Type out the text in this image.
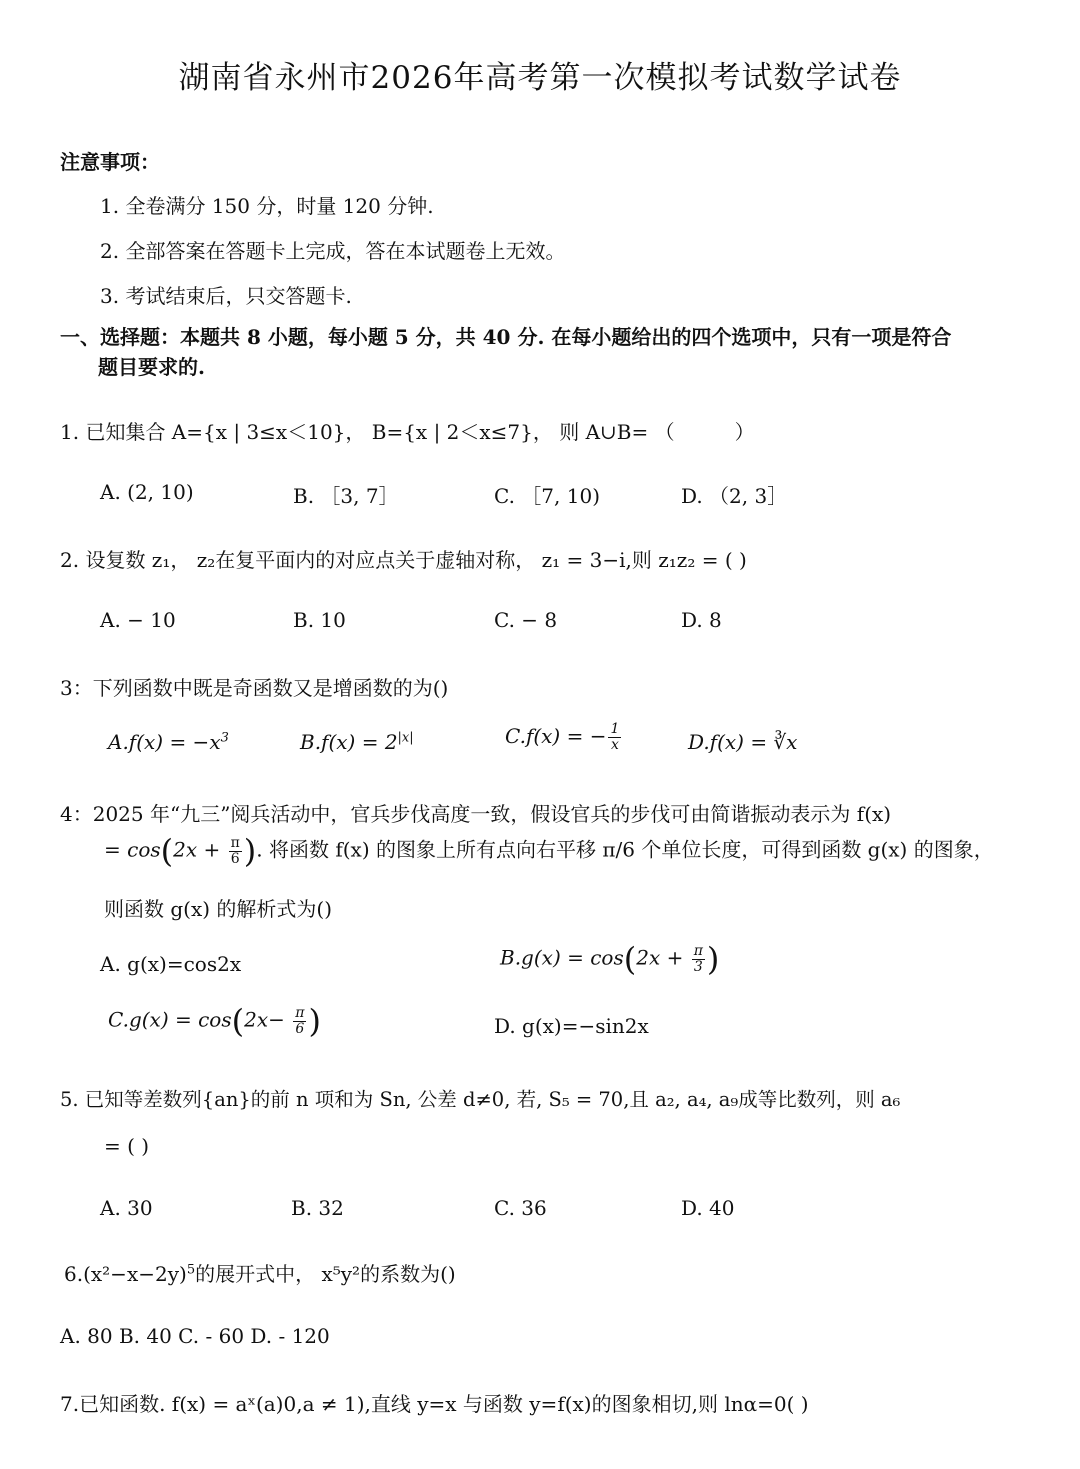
湖南省永州市2026年高考第一次模拟考试数学试卷
注意事项：
1. 全卷满分 150 分，时量 120 分钟.
2. 全部答案在答题卡上完成，答在本试题卷上无效。
3. 考试结束后，只交答题卡.
一、选择题：本题共 8 小题，每小题 5 分，共 40 分. 在每小题给出的四个选项中，只有一项是符合
题目要求的.
1. 已知集合 A={x | 3≤x＜10}， B={x | 2＜x≤7}， 则 A∪B= （　　　）
A. (2, 10)	B. ［3, 7］	C. ［7, 10)	D. （2, 3］
2. 设复数 z₁， z₂在复平面内的对应点关于虚轴对称， z₁ = 3−i,则 z₁z₂ = ( )
A. − 10	B. 10	C. − 8	D. 8
3：下列函数中既是奇函数又是增函数的为()
$A.f(x) = -x^3$	$B.f(x) = 2^{|x|}$	C.f(x) = − $\frac{1}{x}$	D.f(x) = ∛x
4：2025 年“九三”阅兵活动中，官兵步伐高度一致，假设官兵的步伐可由简谐振动表示为 f(x)
= $\cos(2x + \frac{\pi}{6}$ ). 将函数 f(x) 的图象上所有点向右平移 π/6 个单位长度，可得到函数 g(x) 的图象，
则函数 g(x) 的解析式为()
A. g(x)=cos2x	$B.g(x) = \cos(2x + \frac{\pi}{3}$ )
$C.g(x) = \cos(2x- \frac{\pi}{6}$ )	D. g(x)=−sin2x
5. 已知等差数列{an}的前 n 项和为 Sn, 公差 d≠0, 若, S₅ = 70,且 a₂, a₄, a₉成等比数列，则 a₆
= ( )
A. 30	B. 32	C. 36	D. 40
$6.(x^2-x-2y)^5$的展开式中， x⁵y²的系数为()
A. 80 B. 40 C. - 60 D. - 120
7.已知函数. f(x) = aˣ(a)0,a ≠ 1),直线 y=x 与函数 y=f(x)的图象相切,则 lnα=0( )
